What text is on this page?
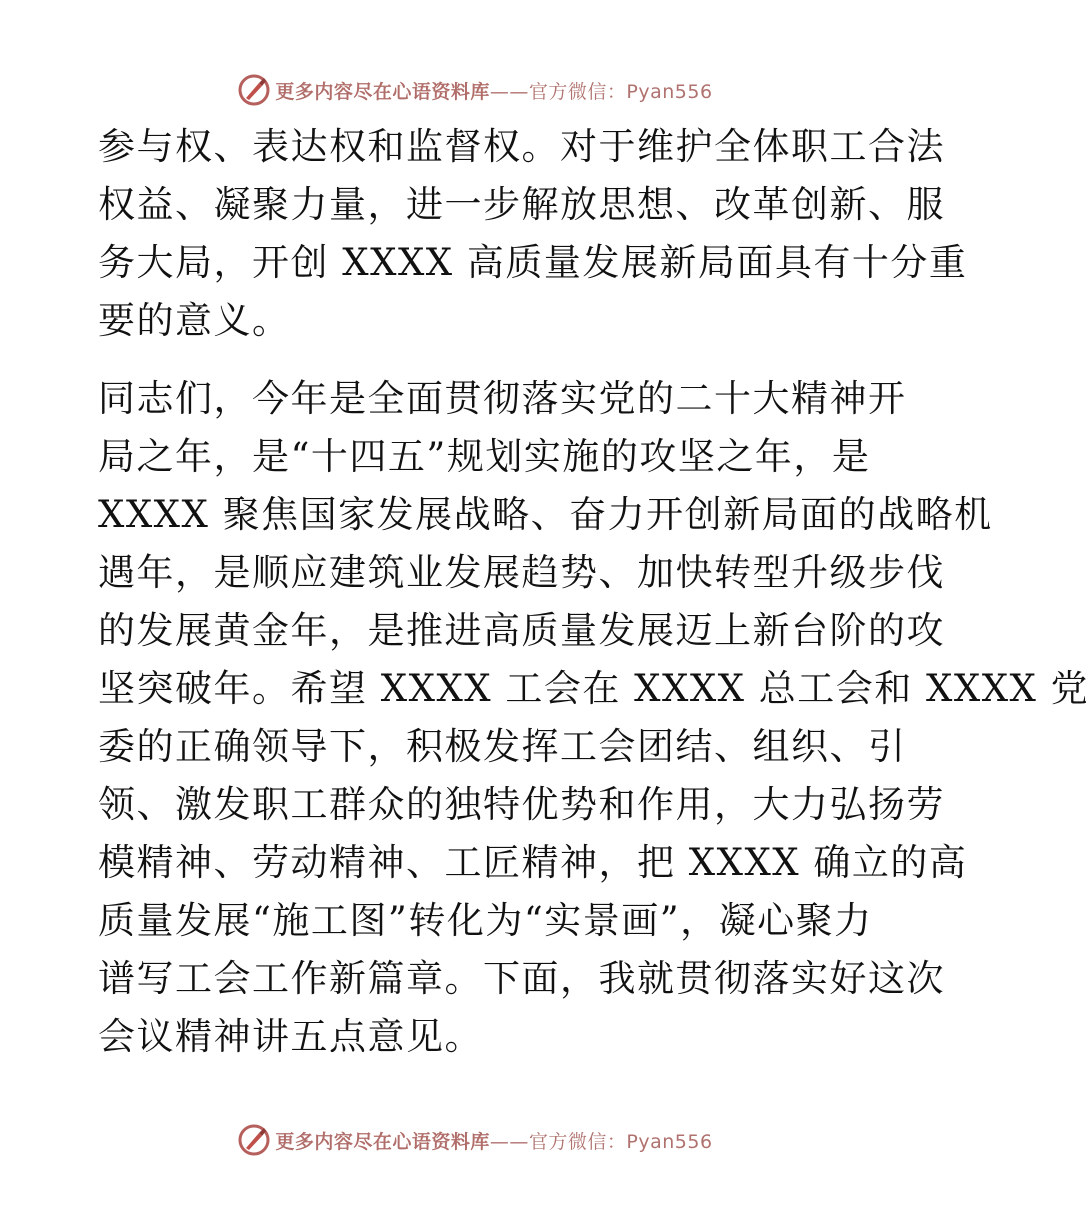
更多内容尽在心语资料库——官方微信：Pyan556
参与权、表达权和监督权。对于维护全体职工合法
权益、凝聚力量，进一步解放思想、改革创新、服
务大局，开创 XXXX 高质量发展新局面具有十分重
要的意义。
同志们，今年是全面贯彻落实党的二十大精神开
局之年，是“十四五”规划实施的攻坚之年，是
XXXX 聚焦国家发展战略、奋力开创新局面的战略机
遇年，是顺应建筑业发展趋势、加快转型升级步伐
的发展黄金年，是推进高质量发展迈上新台阶的攻
坚突破年。希望 XXXX 工会在 XXXX 总工会和 XXXX 党
委的正确领导下，积极发挥工会团结、组织、引
领、激发职工群众的独特优势和作用，大力弘扬劳
模精神、劳动精神、工匠精神，把 XXXX 确立的高
质量发展“施工图”转化为“实景画”，凝心聚力
谱写工会工作新篇章。下面，我就贯彻落实好这次
会议精神讲五点意见。
更多内容尽在心语资料库——官方微信：Pyan556
